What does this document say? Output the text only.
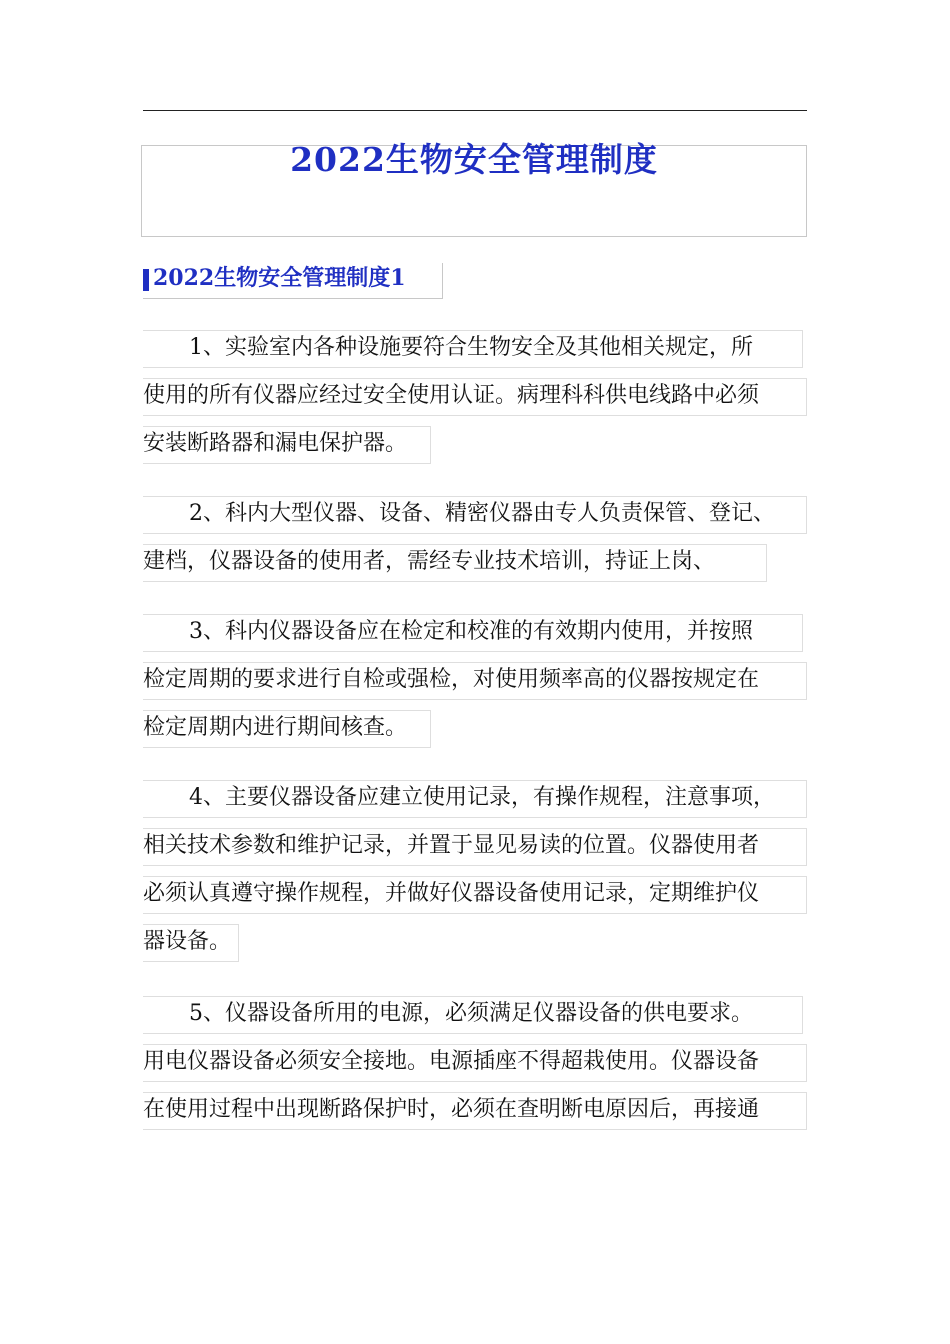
2022生物安全管理制度
2022生物安全管理制度1
1、实验室内各种设施要符合生物安全及其他相关规定，所
使用的所有仪器应经过安全使用认证。病理科科供电线路中必须
安装断路器和漏电保护器。
2、科内大型仪器、设备、精密仪器由专人负责保管、登记、
建档，仪器设备的使用者，需经专业技术培训，持证上岗、
3、科内仪器设备应在检定和校准的有效期内使用，并按照
检定周期的要求进行自检或强检，对使用频率高的仪器按规定在
检定周期内进行期间核查。
4、主要仪器设备应建立使用记录，有操作规程，注意事项，
相关技术参数和维护记录，并置于显见易读的位置。仪器使用者
必须认真遵守操作规程，并做好仪器设备使用记录，定期维护仪
器设备。
5、仪器设备所用的电源，必须满足仪器设备的供电要求。
用电仪器设备必须安全接地。电源插座不得超栽使用。仪器设备
在使用过程中出现断路保护时，必须在查明断电原因后，再接通
